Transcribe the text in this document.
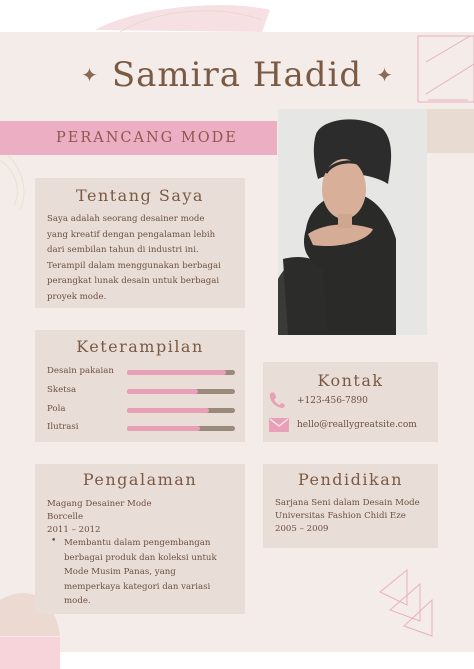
✦ Samira Hadid ✦
PERANCANG MODE
Tentang Saya
Saya adalah seorang desainer mode
yang kreatif dengan pengalaman lebih
dari sembilan tahun di industri ini.
Terampil dalam menggunakan berbagai
perangkat lunak desain untuk berbagai
proyek mode.
Keterampilan
Desain pakaian
Sketsa
Pola
Ilutrasi
Kontak
+123-456-7890
hello@reallygreatsite.com
Pengalaman
Magang Desainer Mode
Borcelle
2011 – 2012
• Membantu dalam pengembangan
berbagai produk dan koleksi untuk
Mode Musim Panas, yang
memperkaya kategori dan variasi
mode.
Pendidikan
Sarjana Seni dalam Desain Mode
Universitas Fashion Chidi Eze
2005 – 2009
